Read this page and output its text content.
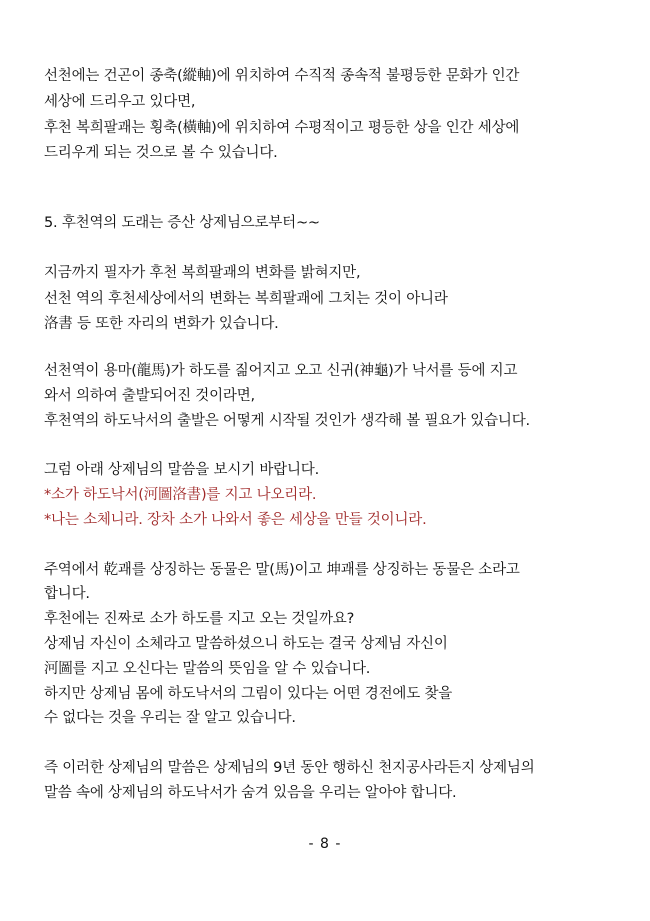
선천에는 건곤이 종축(縱軸)에 위치하여 수직적 종속적 불평등한 문화가 인간
세상에 드리우고 있다면,
후천 복희팔괘는 횡축(橫軸)에 위치하여 수평적이고 평등한 상을 인간 세상에
드리우게 되는 것으로 볼 수 있습니다.
5. 후천역의 도래는 증산 상제님으로부터~~
지금까지 필자가 후천 복희팔괘의 변화를 밝혀지만,
선천 역의 후천세상에서의 변화는 복희팔괘에 그치는 것이 아니라
洛書 등 또한 자리의 변화가 있습니다.
선천역이 용마(龍馬)가 하도를 짊어지고 오고 신귀(神龜)가 낙서를 등에 지고
와서 의하여 출발되어진 것이라면,
후천역의 하도낙서의 출발은 어떻게 시작될 것인가 생각해 볼 필요가 있습니다.
그럼 아래 상제님의 말씀을 보시기 바랍니다.
*소가 하도낙서(河圖洛書)를 지고 나오리라.
*나는 소체니라. 장차 소가 나와서 좋은 세상을 만들 것이니라.
주역에서 乾괘를 상징하는 동물은 말(馬)이고 坤괘를 상징하는 동물은 소라고
합니다.
후천에는 진짜로 소가 하도를 지고 오는 것일까요?
상제님 자신이 소체라고 말씀하셨으니 하도는 결국 상제님 자신이
河圖를 지고 오신다는 말씀의 뜻임을 알 수 있습니다.
하지만 상제님 몸에 하도낙서의 그림이 있다는 어떤 경전에도 찾을
수 없다는 것을 우리는 잘 알고 있습니다.
즉 이러한 상제님의 말씀은 상제님의 9년 동안 행하신 천지공사라든지 상제님의
말씀 속에 상제님의 하도낙서가 숨겨 있음을 우리는 알아야 합니다.
- 8 -
